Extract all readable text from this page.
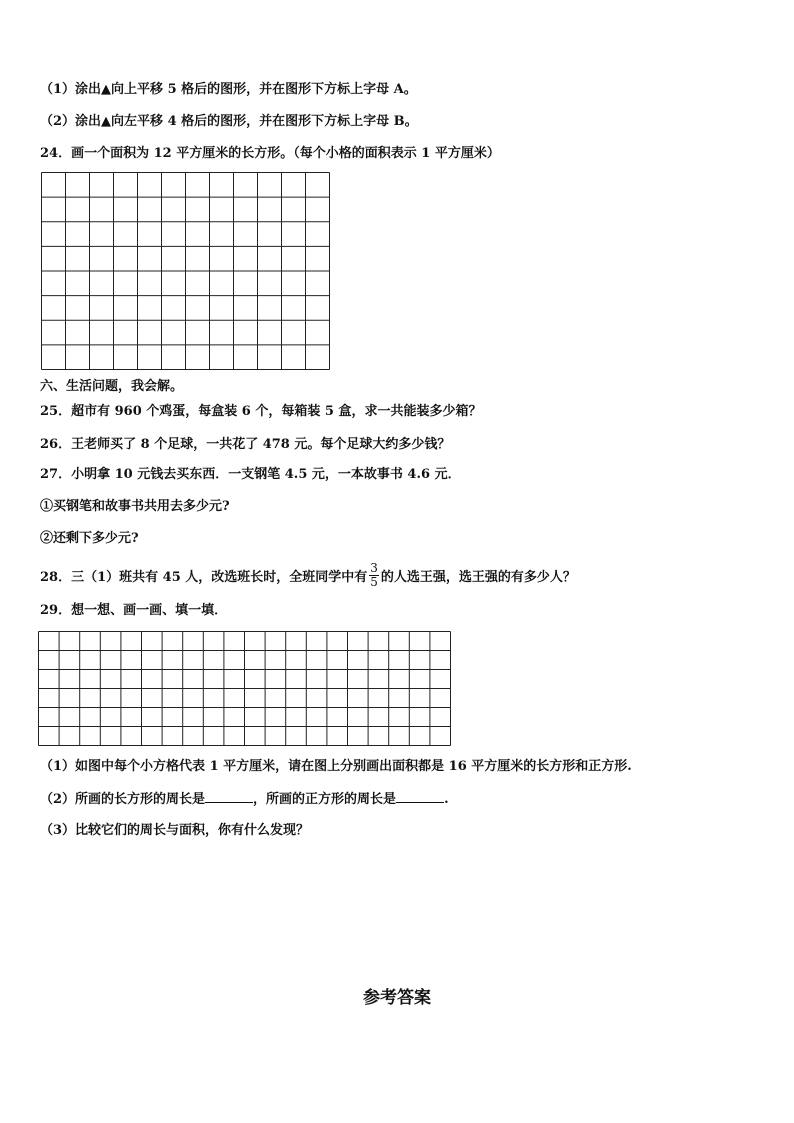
（1）涂出▲向上平移 5 格后的图形，并在图形下方标上字母 A。
（2）涂出▲向左平移 4 格后的图形，并在图形下方标上字母 B。
24．画一个面积为 12 平方厘米的长方形。（每个小格的面积表示 1 平方厘米）
六、生活问题，我会解。
25．超市有 960 个鸡蛋，每盒装 6 个，每箱装 5 盒，求一共能装多少箱？
26．王老师买了 8 个足球，一共花了 478 元。每个足球大约多少钱？
27．小明拿 10 元钱去买东西．一支钢笔 4.5 元，一本故事书 4.6 元．
①买钢笔和故事书共用去多少元?
②还剩下多少元?
28．三（1）班共有 45 人，改选班长时，全班同学中有 $\frac{3}{5}$ 的人选王强，选王强的有多少人？
29．想一想、画一画、填一填．
（1）如图中每个小方格代表 1 平方厘米，请在图上分别画出面积都是 16 平方厘米的长方形和正方形.
（2）所画的长方形的周长是	，所画的正方形的周长是	.
（3）比较它们的周长与面积，你有什么发现？
参考答案
